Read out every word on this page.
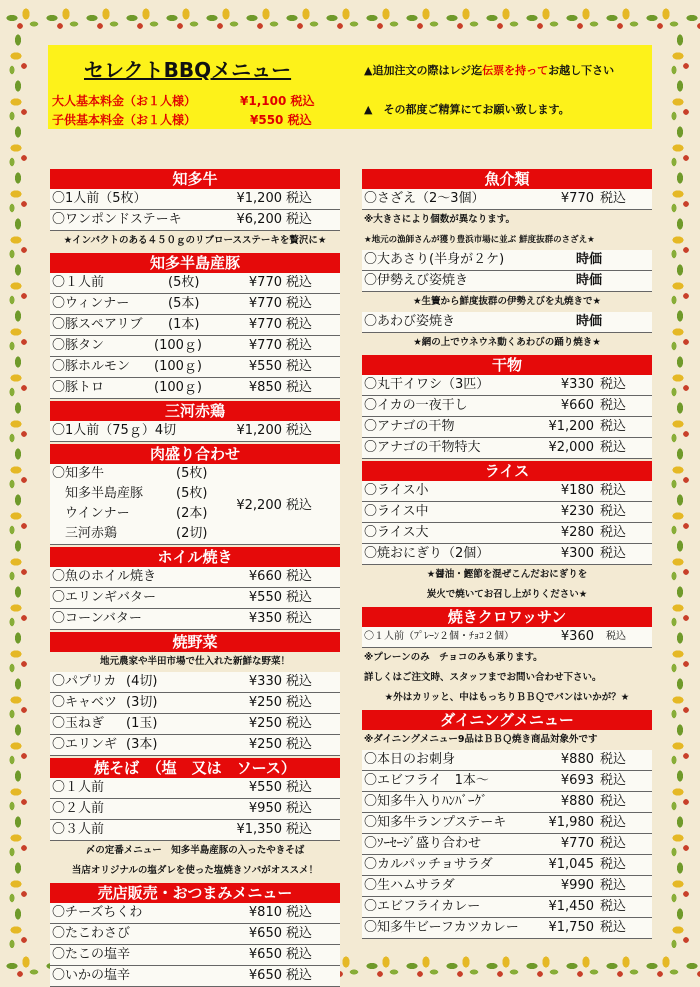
セレクトBBQメニュー
大人基本料金（お１人様）	¥1,100 税込
子供基本料金（お１人様）	¥550 税込
▲追加注文の際はレジ迄伝票を持ってお越し下さい
▲　その都度ご精算にてお願い致します。
知多牛
〇1人前（5枚）	¥1,200 税込
〇ワンポンドステーキ	¥6,200 税込
★インパクトのある４５０ｇのリブロースステーキを贅沢に★
知多半島産豚
〇１人前	(5枚)	¥770 税込
〇ウィンナー	(5本)	¥770 税込
〇豚スペアリブ (1本)	¥770 税込
〇豚タン	(100ｇ)	¥770 税込
〇豚ホルモン (100ｇ)	¥550 税込
〇豚トロ	(100ｇ)	¥850 税込
三河赤鶏
〇1人前（75ｇ）4切	¥1,200 税込
肉盛り合わせ
〇知多牛	(5枚)
　知多半島産豚	(5枚)
　ウインナー	(2本)
　三河赤鶏	(2切)
¥2,200 税込
ホイル焼き
〇魚のホイル焼き	¥660 税込
〇エリンギバター	¥550 税込
〇コーンバター	¥350 税込
焼野菜
地元農家や半田市場で仕入れた新鮮な野菜！
〇パプリカ (4切)	¥330 税込
〇キャベツ (3切)	¥250 税込
〇玉ねぎ (1玉)	¥250 税込
〇エリンギ (3本)	¥250 税込
焼そば　（塩　又は　ソース）
〇１人前	¥550 税込
〇２人前	¥950 税込
〇３人前	¥1,350 税込
〆の定番メニュー　知多半島産豚の入ったやきそば
当店オリジナルの塩ダレを使った塩焼きソバがオススメ！
売店販売・おつまみメニュー
〇チーズちくわ	¥810 税込
〇たこわさび	¥650 税込
〇たこの塩辛	¥650 税込
〇いかの塩辛	¥650 税込
魚介類
〇さざえ（2～3個）	¥770 税込
※大きさにより個数が異なります。
★地元の漁師さんが獲り豊浜市場に並ぶ 鮮度抜群のさざえ★
〇大あさり(半身が２ケ)	時価
〇伊勢えび姿焼き	時価
★生簀から鮮度抜群の伊勢えびを丸焼きで★
〇あわび姿焼き	時価
★網の上でウネウネ動くあわびの踊り焼き★
干物
〇丸干イワシ（3匹）	¥330 税込
〇イカの一夜干し	¥660 税込
〇アナゴの干物	¥1,200 税込
〇アナゴの干物特大	¥2,000 税込
ライス
〇ライス小	¥180 税込
〇ライス中	¥230 税込
〇ライス大	¥280 税込
〇焼おにぎり（2個）	¥300 税込
★醤油・鰹節を混ぜこんだおにぎりを
炭火で焼いてお召し上がりください★
焼きクロワッサン
〇１人前（ﾌﾟﾚｰﾝ２個・ﾁｮｺ２個）	¥360 税込
※プレーンのみ　チョコのみも承ります。
詳しくはご注文時、スタッフまでお問い合わせ下さい。
★外はカリッと、中はもっちりＢＢＱでパンはいかが？★
ダイニングメニュー
※ダイニングメニュー9品はＢＢＱ焼き商品対象外です
〇本日のお刺身	¥880 税込
〇エビフライ　1本～	¥693 税込
〇知多牛入りﾊﾝﾊﾞｰｸﾞ	¥880 税込
〇知多牛ランプステーキ	¥1,980 税込
〇ｿｰｾｰｼﾞ盛り合わせ	¥770 税込
〇カルパッチョサラダ	¥1,045 税込
〇生ハムサラダ	¥990 税込
〇エビフライカレー	¥1,450 税込
〇知多牛ビーフカツカレー ¥1,750 税込
